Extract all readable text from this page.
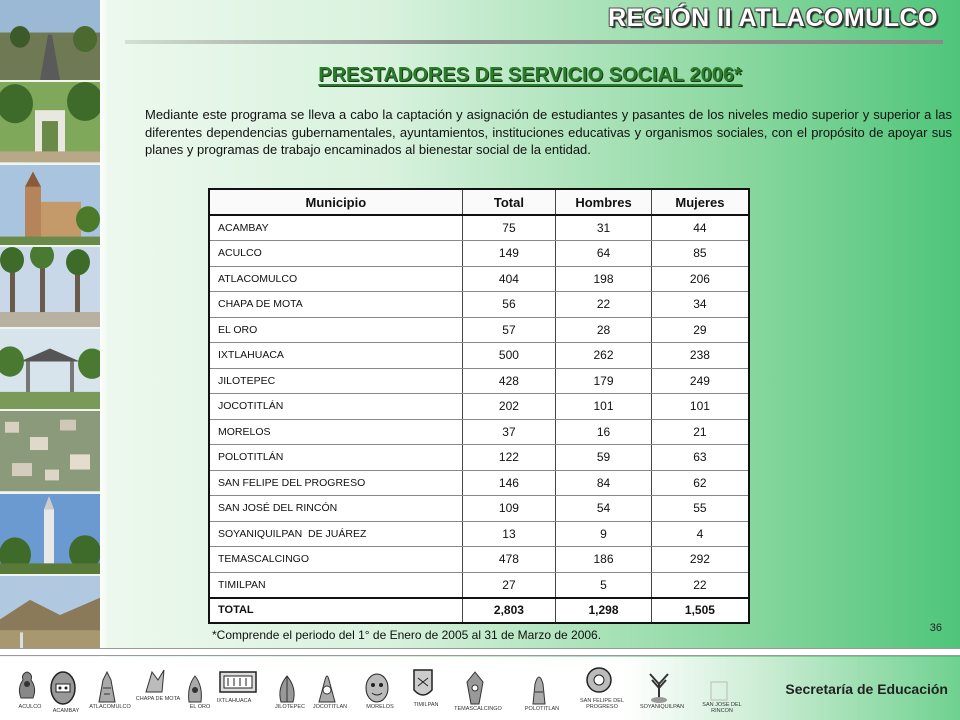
REGIÓN II ATLACOMULCO
PRESTADORES DE SERVICIO SOCIAL 2006*

Mediante este programa se lleva a cabo la captación y asignación de estudiantes y pasantes de los niveles medio superior y superior a las diferentes dependencias gubernamentales, ayuntamientos, instituciones educativas y organismos sociales, con el propósito de apoyar sus planes y programas de trabajo encaminados al bienestar social de la entidad.

Municipio	Total	Hombres	Mujeres
ACAMBAY	75	31	44
ACULCO	149	64	85
ATLACOMULCO	404	198	206
CHAPA DE MOTA	56	22	34
EL ORO	57	28	29
IXTLAHUACA	500	262	238
JILOTEPEC	428	179	249
JOCOTITLÁN	202	101	101
MORELOS	37	16	21
POLOTITLÁN	122	59	63
SAN FELIPE DEL PROGRESO	146	84	62
SAN JOSÉ DEL RINCÓN	109	54	55
SOYANIQUILPAN  DE JUÁREZ	13	9	4
TEMASCALCINGO	478	186	292
TIMILPAN	27	5	22
TOTAL	2,803	1,298	1,505
*Comprende el periodo del 1° de Enero de 2005 al 31 de Marzo de 2006.	36
ACULCO
ACAMBAY
ATLACOMULCO
CHAPA DE MOTA
EL ORO
IXTLAHUACA
JILOTEPEC	JOCOTITLAN	MORELOS	TIMILPAN
TEMASCALCINGO	POLOTITLAN
SAN FELIPE DEL PROGRESO	SOYANIQUILPAN	SAN JOSE DEL RINCON
Secretaría de Educación
